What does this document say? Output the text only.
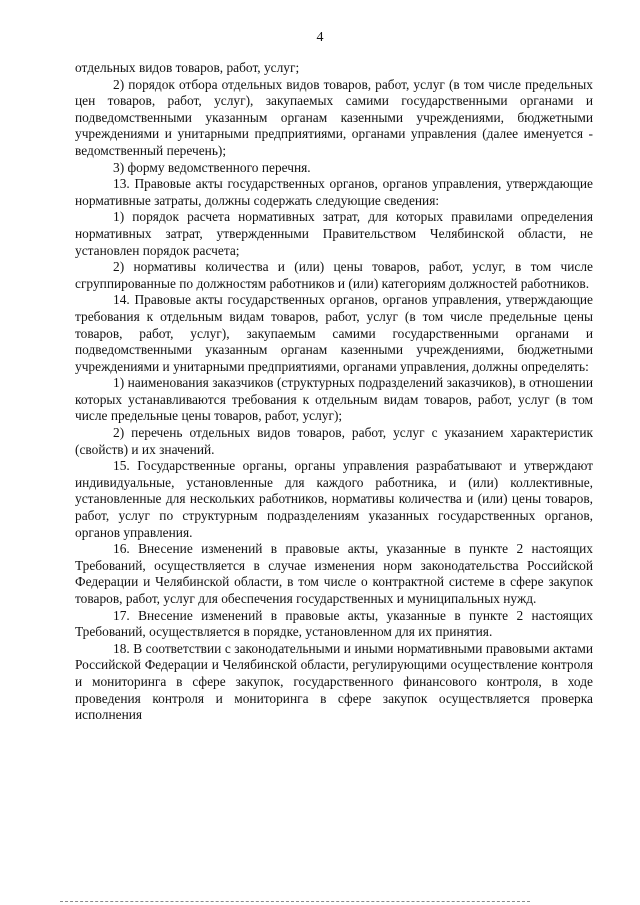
4

отдельных видов товаров, работ, услуг;

2) порядок отбора отдельных видов товаров, работ, услуг (в том числе предельных цен товаров, работ, услуг), закупаемых самими государственными органами и подведомственными указанным органам казенными учреждениями, бюджетными учреждениями и унитарными предприятиями, органами управления (далее именуется - ведомственный перечень);

3) форму ведомственного перечня.

13. Правовые акты государственных органов, органов управления, утверждающие нормативные затраты, должны содержать следующие сведения:

1) порядок расчета нормативных затрат, для которых правилами определения нормативных затрат, утвержденными Правительством Челябинской области, не установлен порядок расчета;

2) нормативы количества и (или) цены товаров, работ, услуг, в том числе сгруппированные по должностям работников и (или) категориям должностей работников.

14. Правовые акты государственных органов, органов управления, утверждающие требования к отдельным видам товаров, работ, услуг (в том числе предельные цены товаров, работ, услуг), закупаемым самими государственными органами и подведомственными указанным органам казенными учреждениями, бюджетными учреждениями и унитарными предприятиями, органами управления, должны определять:

1) наименования заказчиков (структурных подразделений заказчиков), в отношении которых устанавливаются требования к отдельным видам товаров, работ, услуг (в том числе предельные цены товаров, работ, услуг);

2) перечень отдельных видов товаров, работ, услуг с указанием характеристик (свойств) и их значений.

15. Государственные органы, органы управления разрабатывают и утверждают индивидуальные, установленные для каждого работника, и (или) коллективные, установленные для нескольких работников, нормативы количества и (или) цены товаров, работ, услуг по структурным подразделениям указанных государственных органов, органов управления.

16. Внесение изменений в правовые акты, указанные в пункте 2 настоящих Требований, осуществляется в случае изменения норм законодательства Российской Федерации и Челябинской области, в том числе о контрактной системе в сфере закупок товаров, работ, услуг для обеспечения государственных и муниципальных нужд.

17. Внесение изменений в правовые акты, указанные в пункте 2 настоящих Требований, осуществляется в порядке, установленном для их принятия.

18. В соответствии с законодательными и иными нормативными правовыми актами Российской Федерации и Челябинской области, регулирующими осуществление контроля и мониторинга в сфере закупок, государственного финансового контроля, в ходе проведения контроля и мониторинга в сфере закупок осуществляется проверка исполнения
